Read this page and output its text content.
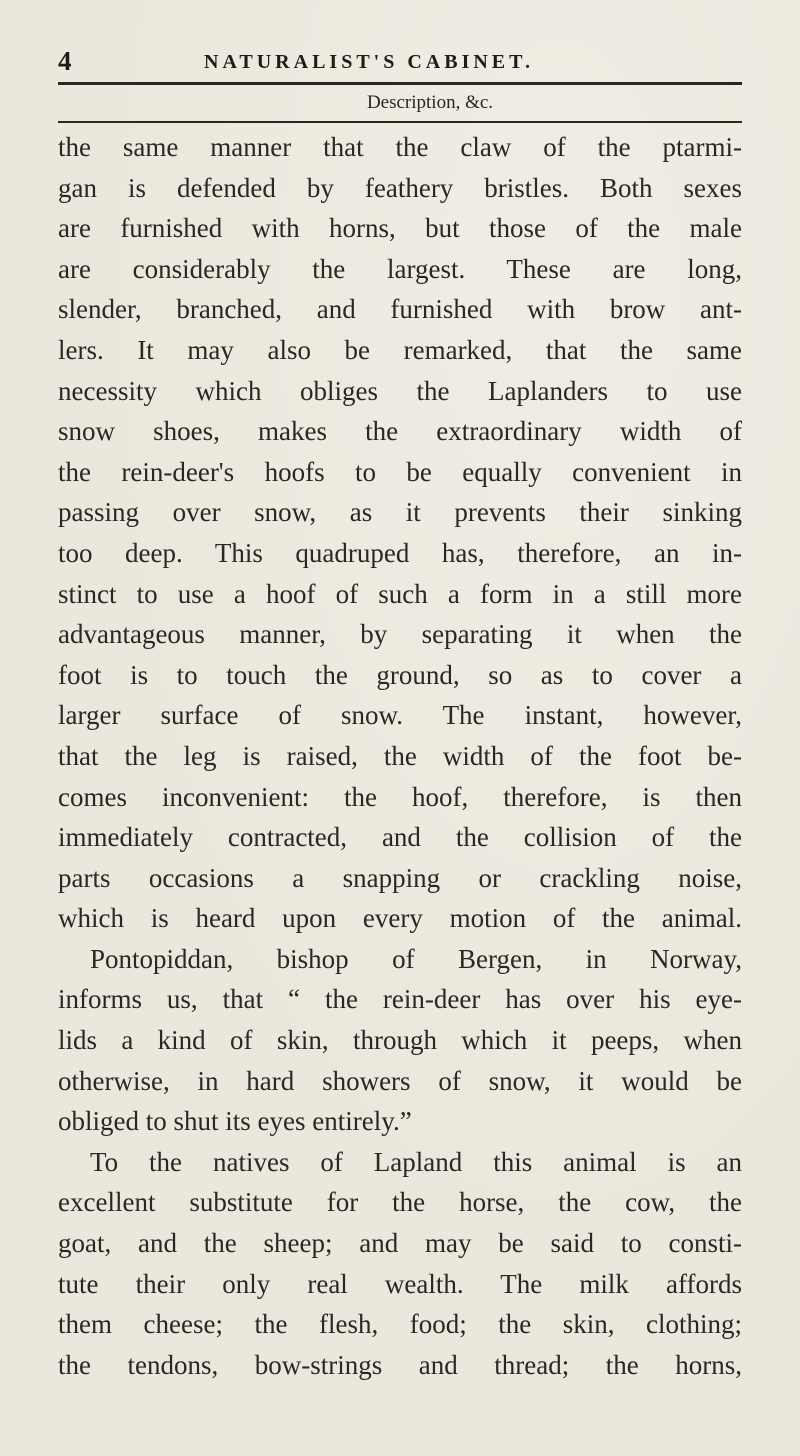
4	NATURALIST'S CABINET.
Description, &c.
the same manner that the claw of the ptarmi-
gan is defended by feathery bristles. Both sexes
are furnished with horns, but those of the male
are considerably the largest. These are long,
slender, branched, and furnished with brow ant-
lers. It may also be remarked, that the same
necessity which obliges the Laplanders to use
snow shoes, makes the extraordinary width of
the rein-deer's hoofs to be equally convenient in
passing over snow, as it prevents their sinking
too deep. This quadruped has, therefore, an in-
stinct to use a hoof of such a form in a still more
advantageous manner, by separating it when the
foot is to touch the ground, so as to cover a
larger surface of snow. The instant, however,
that the leg is raised, the width of the foot be-
comes inconvenient: the hoof, therefore, is then
immediately contracted, and the collision of the
parts occasions a snapping or crackling noise,
which is heard upon every motion of the animal.
Pontopiddan, bishop of Bergen, in Norway,
informs us, that “ the rein-deer has over his eye-
lids a kind of skin, through which it peeps, when
otherwise, in hard showers of snow, it would be
obliged to shut its eyes entirely.”
To the natives of Lapland this animal is an
excellent substitute for the horse, the cow, the
goat, and the sheep; and may be said to consti-
tute their only real wealth. The milk affords
them cheese; the flesh, food; the skin, clothing;
the tendons, bow-strings and thread; the horns,
